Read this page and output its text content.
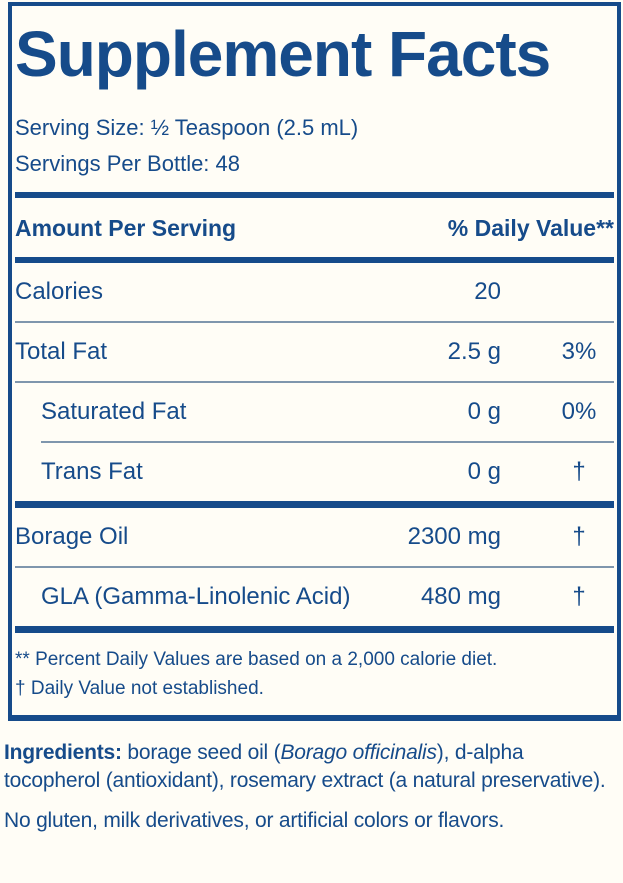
Supplement Facts
Serving Size: ½ Teaspoon (2.5 mL)
Servings Per Bottle: 48
Amount Per Serving	% Daily Value**
Calories	20
Total Fat	2.5 g	3%
Saturated Fat	0 g	0%
Trans Fat	0 g	†
Borage Oil	2300 mg	†
GLA (Gamma-Linolenic Acid)	480 mg	†
** Percent Daily Values are based on a 2,000 calorie diet.
† Daily Value not established.

Ingredients: borage seed oil (Borago officinalis), d-alpha tocopherol (antioxidant), rosemary extract (a natural preservative).

No gluten, milk derivatives, or artificial colors or flavors.
